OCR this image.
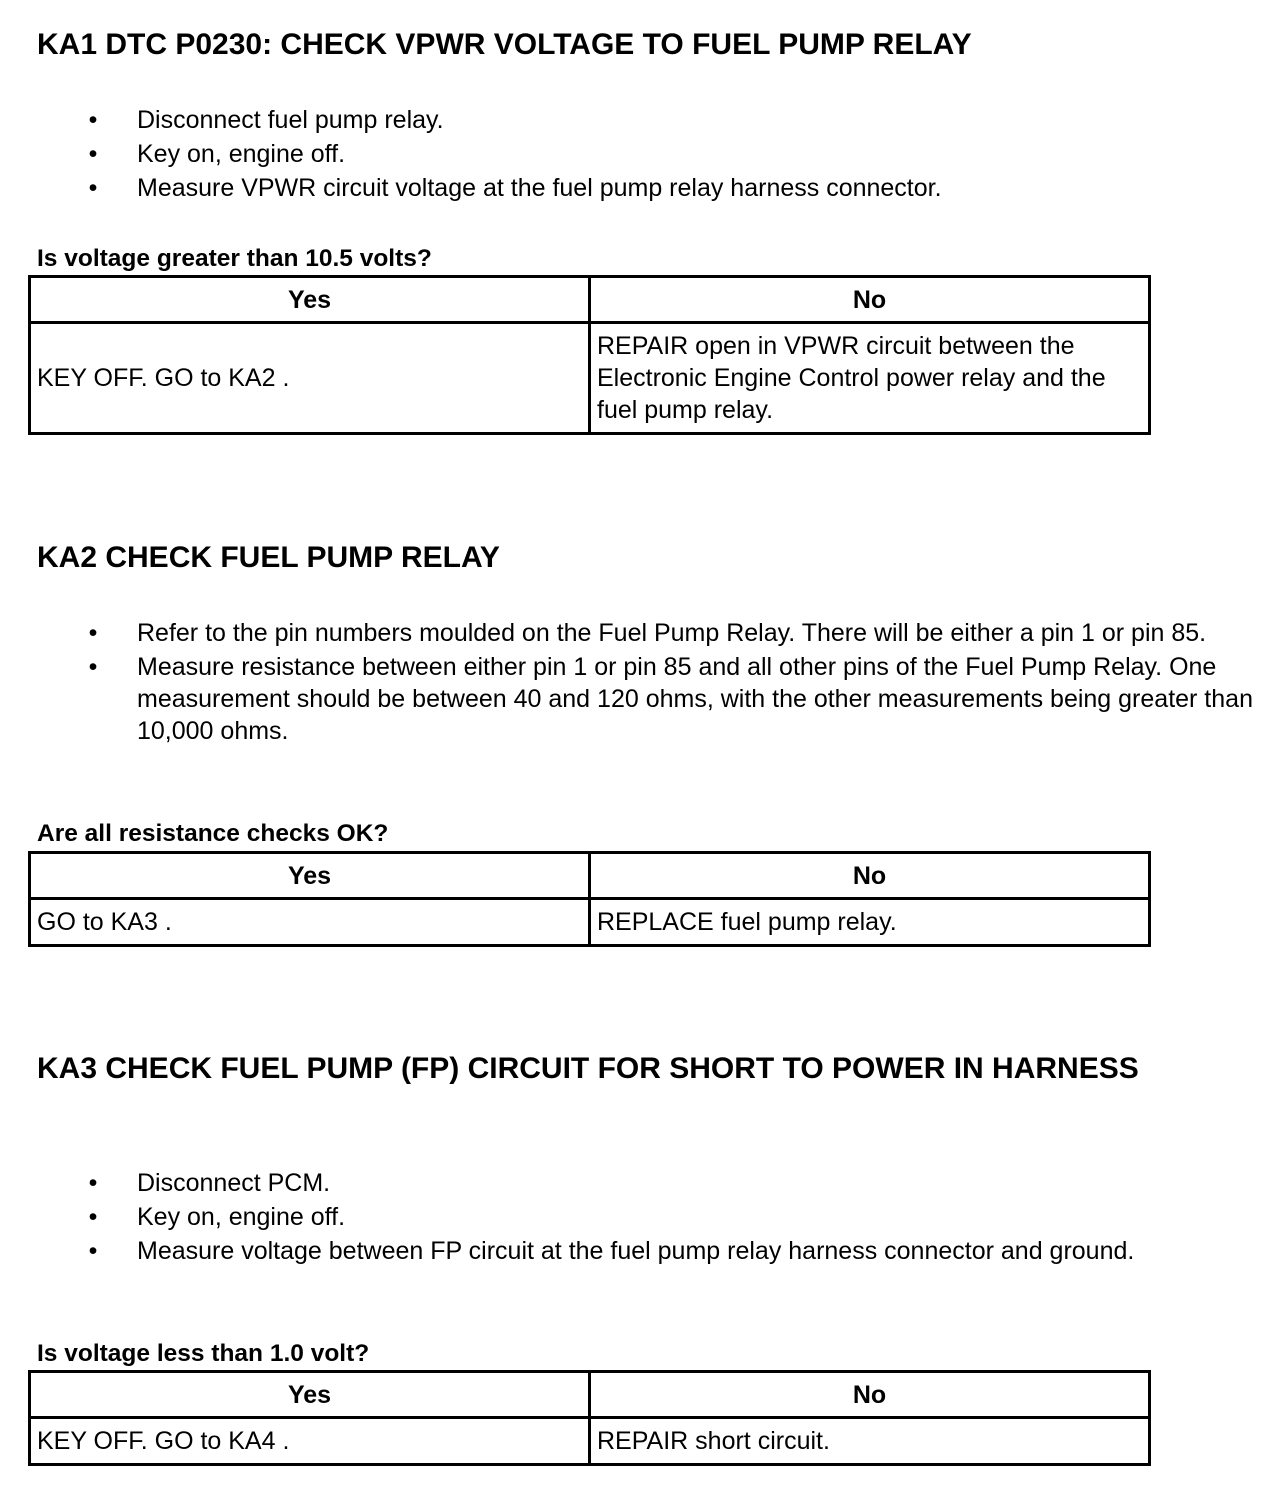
KA1 DTC P0230: CHECK VPWR VOLTAGE TO FUEL PUMP RELAY
• Disconnect fuel pump relay.
• Key on, engine off.
• Measure VPWR circuit voltage at the fuel pump relay harness connector.

Is voltage greater than 10.5 volts?

Yes	No
KEY OFF. GO to KA2 .	REPAIR open in VPWR circuit between the Electronic Engine Control power relay and the fuel pump relay.
KA2 CHECK FUEL PUMP RELAY
• Refer to the pin numbers moulded on the Fuel Pump Relay. There will be either a pin 1 or pin 85.
• Measure resistance between either pin 1 or pin 85 and all other pins of the Fuel Pump Relay. One measurement should be between 40 and 120 ohms, with the other measurements being greater than 10,000 ohms.

Are all resistance checks OK?

Yes	No
GO to KA3 .	REPLACE fuel pump relay.
KA3 CHECK FUEL PUMP (FP) CIRCUIT FOR SHORT TO POWER IN HARNESS
• Disconnect PCM.
• Key on, engine off.
• Measure voltage between FP circuit at the fuel pump relay harness connector and ground.

Is voltage less than 1.0 volt?

Yes	No
KEY OFF. GO to KA4 .	REPAIR short circuit.
